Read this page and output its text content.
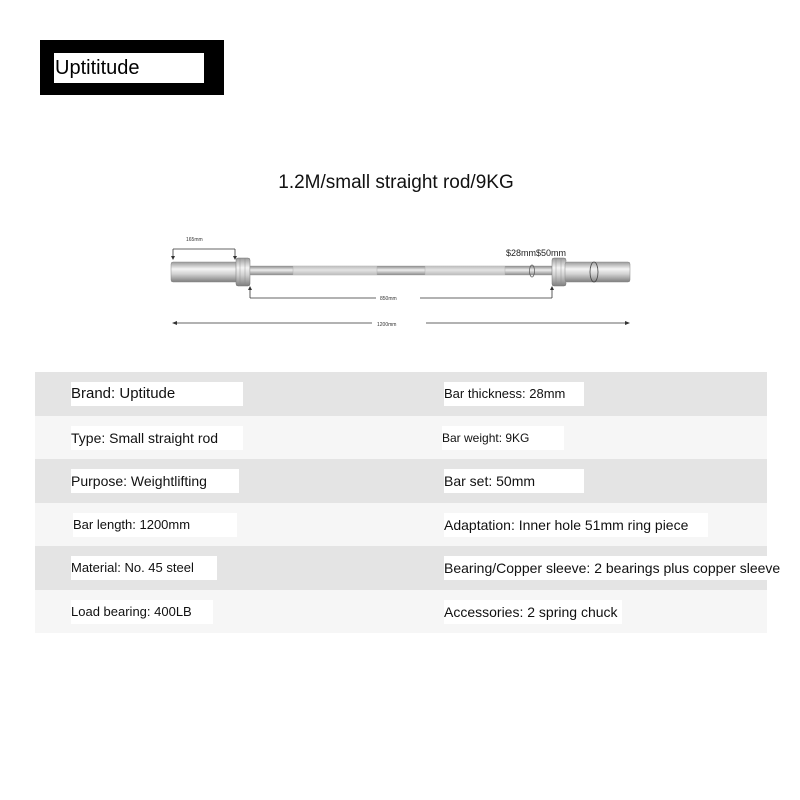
Uptititude
1.2M/small straight rod/9KG
165mm
$28mm$50mm
850mm
1200mm
Brand: Uptitude	Bar thickness: 28mm
Type: Small straight rod	Bar weight: 9KG
Purpose: Weightlifting	Bar set: 50mm
Bar length: 1200mm	Adaptation: Inner hole 51mm ring piece
Material: No. 45 steel	Bearing/Copper sleeve: 2 bearings plus copper sleeve
Load bearing: 400LB	Accessories: 2 spring chuck
